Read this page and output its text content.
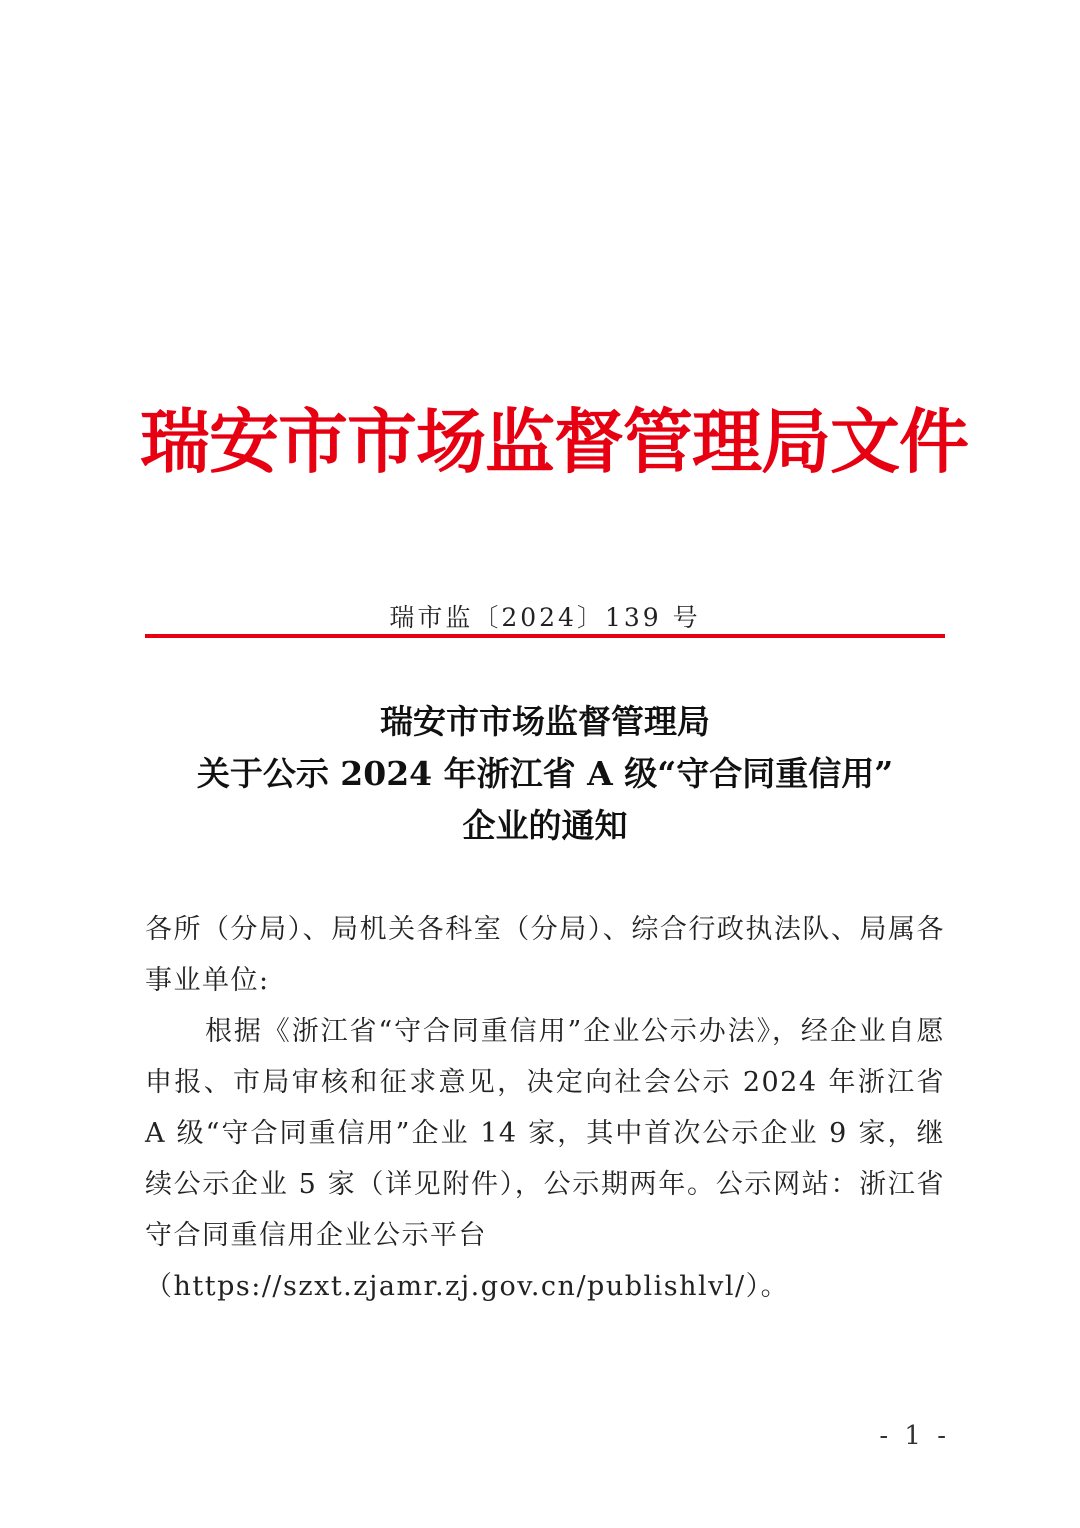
瑞安市市场监督管理局文件
瑞市监〔2024〕139 号
瑞安市市场监督管理局
关于公示 2024 年浙江省 A 级“守合同重信用”
企业的通知

各所（分局）、局机关各科室（分局）、综合行政执法队、局属各事业单位:

根据《浙江省“守合同重信用”企业公示办法》，经企业自愿申报、市局审核和征求意见，决定向社会公示 2024 年浙江省 A 级“守合同重信用”企业 14 家，其中首次公示企业 9 家，继续公示企业 5 家（详见附件），公示期两年。公示网站：浙江省守合同重信用企业公示平台

（https://szxt.zjamr.zj.gov.cn/publishlvl/）。

- 1 -
